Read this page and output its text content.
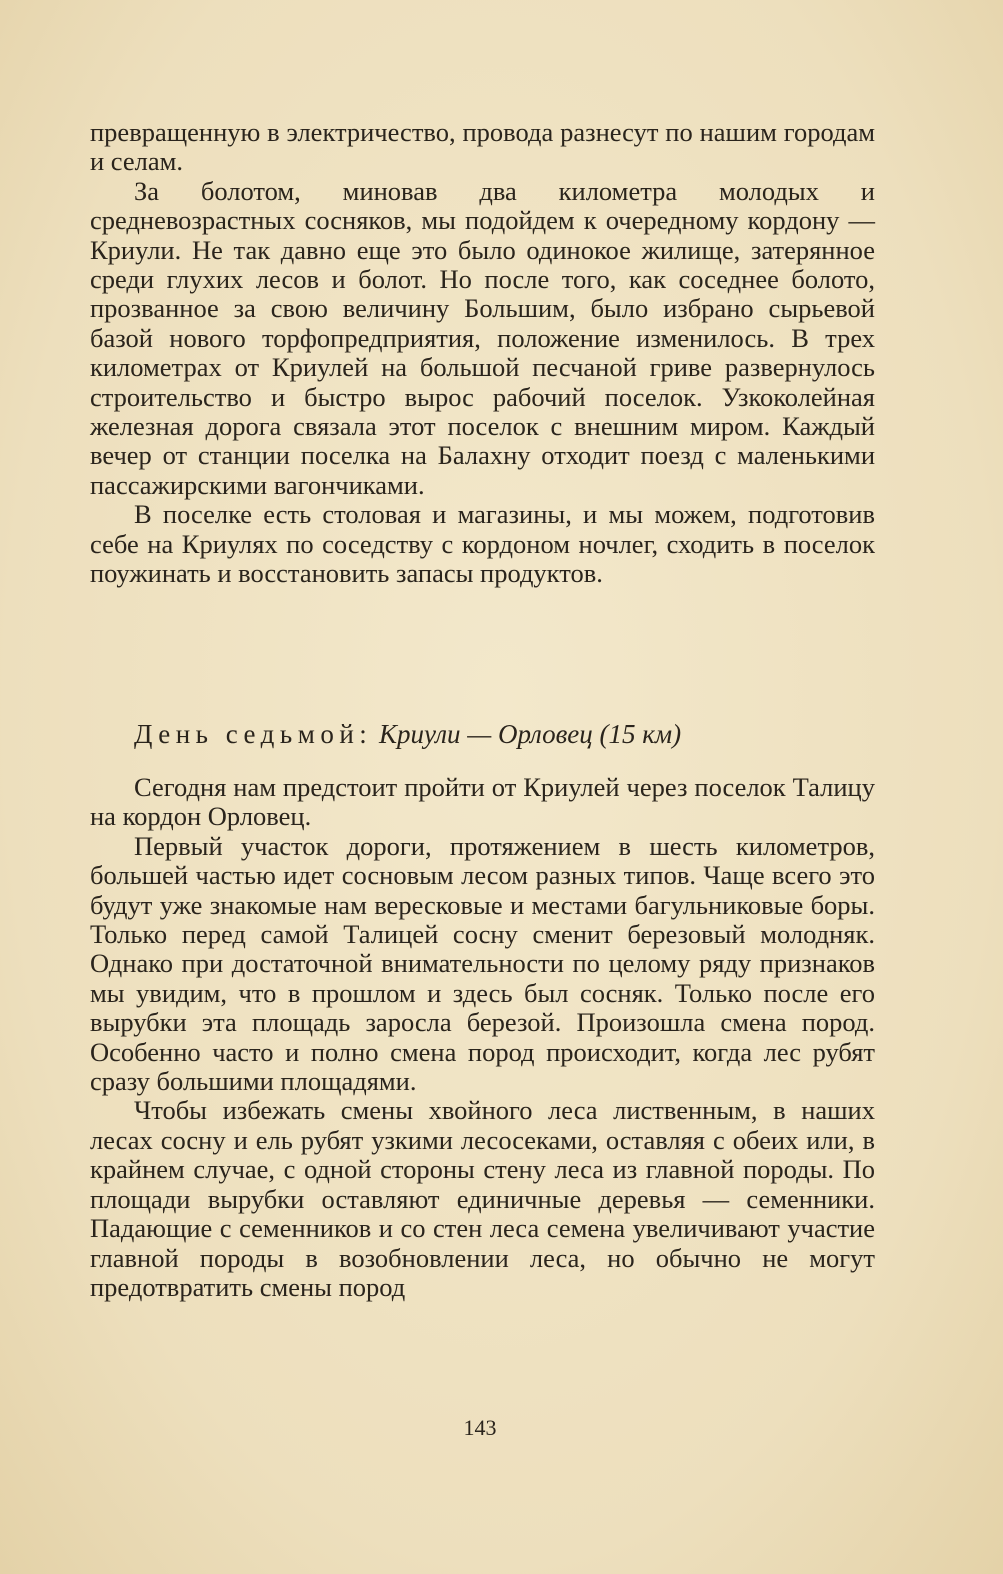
превращенную в электричество, провода разнесут по нашим городам и селам.

За болотом, миновав два километра молодых и средневозрастных сосняков, мы подойдем к очередному кордону — Криули. Не так давно еще это было одинокое жилище, затерянное среди глухих лесов и болот. Но после того, как соседнее болото, прозванное за свою величину Большим, было избрано сырьевой базой нового торфопредприятия, положение изменилось. В трех километрах от Криулей на большой песчаной гриве развернулось строительство и быстро вырос рабочий поселок. Узкоколейная железная дорога связала этот поселок с внешним миром. Каждый вечер от станции поселка на Балахну отходит поезд с маленькими пассажирскими вагончиками.

В поселке есть столовая и магазины, и мы можем, подготовив себе на Криулях по соседству с кордоном ночлег, сходить в поселок поужинать и восстановить запасы продуктов.

День седьмой: Криули — Орловец (15 км)

Сегодня нам предстоит пройти от Криулей через поселок Талицу на кордон Орловец.

Первый участок дороги, протяжением в шесть километров, большей частью идет сосновым лесом разных типов. Чаще всего это будут уже знакомые нам вересковые и местами багульниковые боры. Только перед самой Талицей сосну сменит березовый молодняк. Однако при достаточной внимательности по целому ряду признаков мы увидим, что в прошлом и здесь был сосняк. Только после его вырубки эта площадь заросла березой. Произошла смена пород. Особенно часто и полно смена пород происходит, когда лес рубят сразу большими площадями.

Чтобы избежать смены хвойного леса лиственным, в наших лесах сосну и ель рубят узкими лесосеками, оставляя с обеих или, в крайнем случае, с одной стороны стену леса из главной породы. По площади вырубки оставляют единичные деревья — семенники. Падающие с семенников и со стен леса семена увеличивают участие главной породы в возобновлении леса, но обычно не могут предотвратить смены пород

143
